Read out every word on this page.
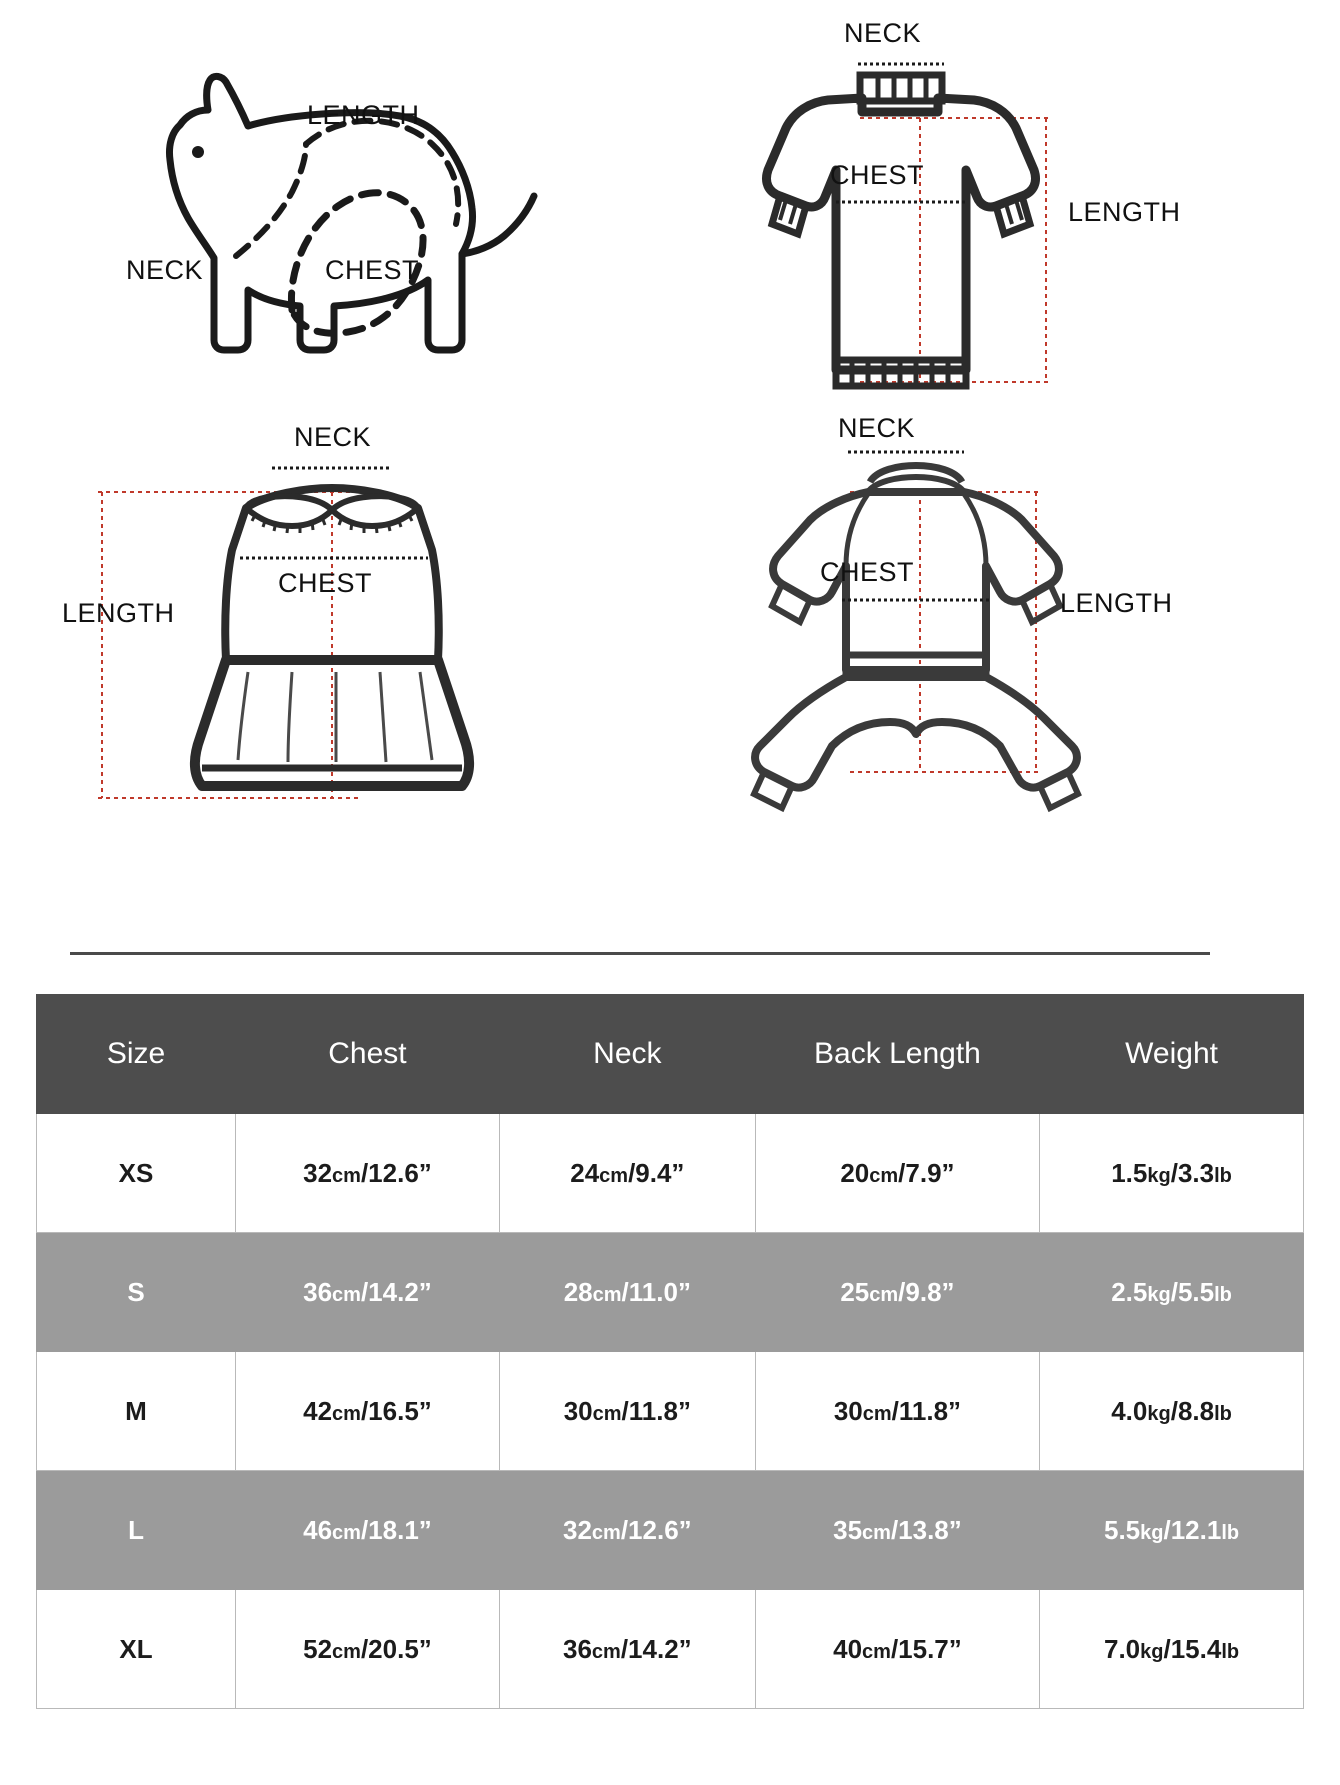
LENGTH
CHEST
NECK
NECK
CHEST
LENGTH
NECK
CHEST
LENGTH
NECK
CHEST
LENGTH
Size	Chest	Neck	Back Length	Weight
XS	32cm/12.6”	24cm/9.4”	20cm/7.9”	1.5kg/3.3lb
S	36cm/14.2”	28cm/11.0”	25cm/9.8”	2.5kg/5.5lb
M	42cm/16.5”	30cm/11.8”	30cm/11.8”	4.0kg/8.8lb
L	46cm/18.1”	32cm/12.6”	35cm/13.8”	5.5kg/12.1lb
XL	52cm/20.5”	36cm/14.2”	40cm/15.7”	7.0kg/15.4lb
